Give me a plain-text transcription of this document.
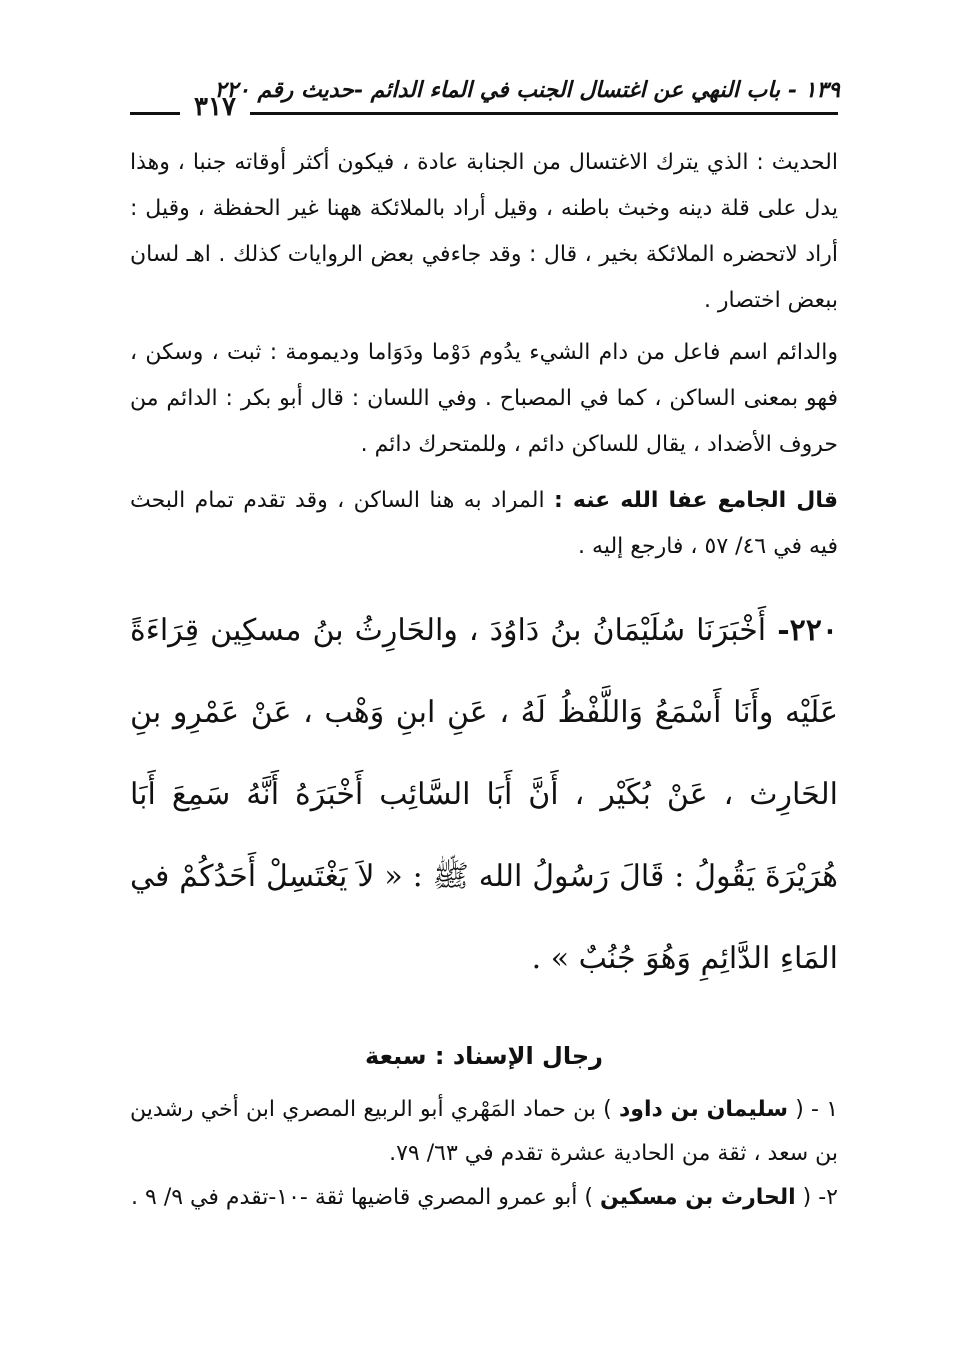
٣١٧
١٣٩ - باب النهي عن اغتسال الجنب في الماء الدائم -حديث رقم ٢٢٠

الحديث : الذي يترك الاغتسال من الجنابة عادة ، فيكون أكثر أوقاته جنبا ، وهذا يدل على قلة دينه وخبث باطنه ، وقيل أراد بالملائكة ههنا غير الحفظة ، وقيل : أراد لاتحضره الملائكة بخير ، قال : وقد جاءفي بعض الروايات كذلك . اهـ لسان ببعض اختصار .

والدائم اسم فاعل من دام الشيء يدُوم دَوْما ودَوَاما وديمومة : ثبت ، وسكن ، فهو بمعنى الساكن ، كما في المصباح . وفي اللسان : قال أبو بكر : الدائم من حروف الأضداد ، يقال للساكن دائم ، وللمتحرك دائم .

قال الجامع عفا الله عنه : المراد به هنا الساكن ، وقد تقدم تمام البحث فيه في ٤٦/ ٥٧ ، فارجع إليه .

٢٢٠- أَخْبَرَنَا سُلَيْمَانُ بنُ دَاوُدَ ، والحَارِثُ بنُ مسكِين قِرَاءَةً عَلَيْه وأَنَا أَسْمَعُ وَاللَّفْظُ لَهُ ، عَنِ ابنِ وَهْب ، عَنْ عَمْرِو بنِ الحَارِث ، عَنْ بُكَيْر ، أَنَّ أَبَا السَّائِب أَخْبَرَهُ أَنَّهُ سَمِعَ أَبَا هُرَيْرَةَ يَقُولُ : قَالَ رَسُولُ الله ﷺ : « لاَ يَغْتَسِلْ أَحَدُكُمْ في المَاءِ الدَّائِمِ وَهُوَ جُنُبٌ » .

رجال الإسناد : سبعة

١ - ( سليمان بن داود ) بن حماد المَهْري أبو الربيع المصري ابن أخي رشدين بن سعد ، ثقة من الحادية عشرة تقدم في ٦٣/ ٧٩.

٢- ( الحارث بن مسكين ) أبو عمرو المصري قاضيها ثقة -١٠-تقدم في ٩/ ٩ .
